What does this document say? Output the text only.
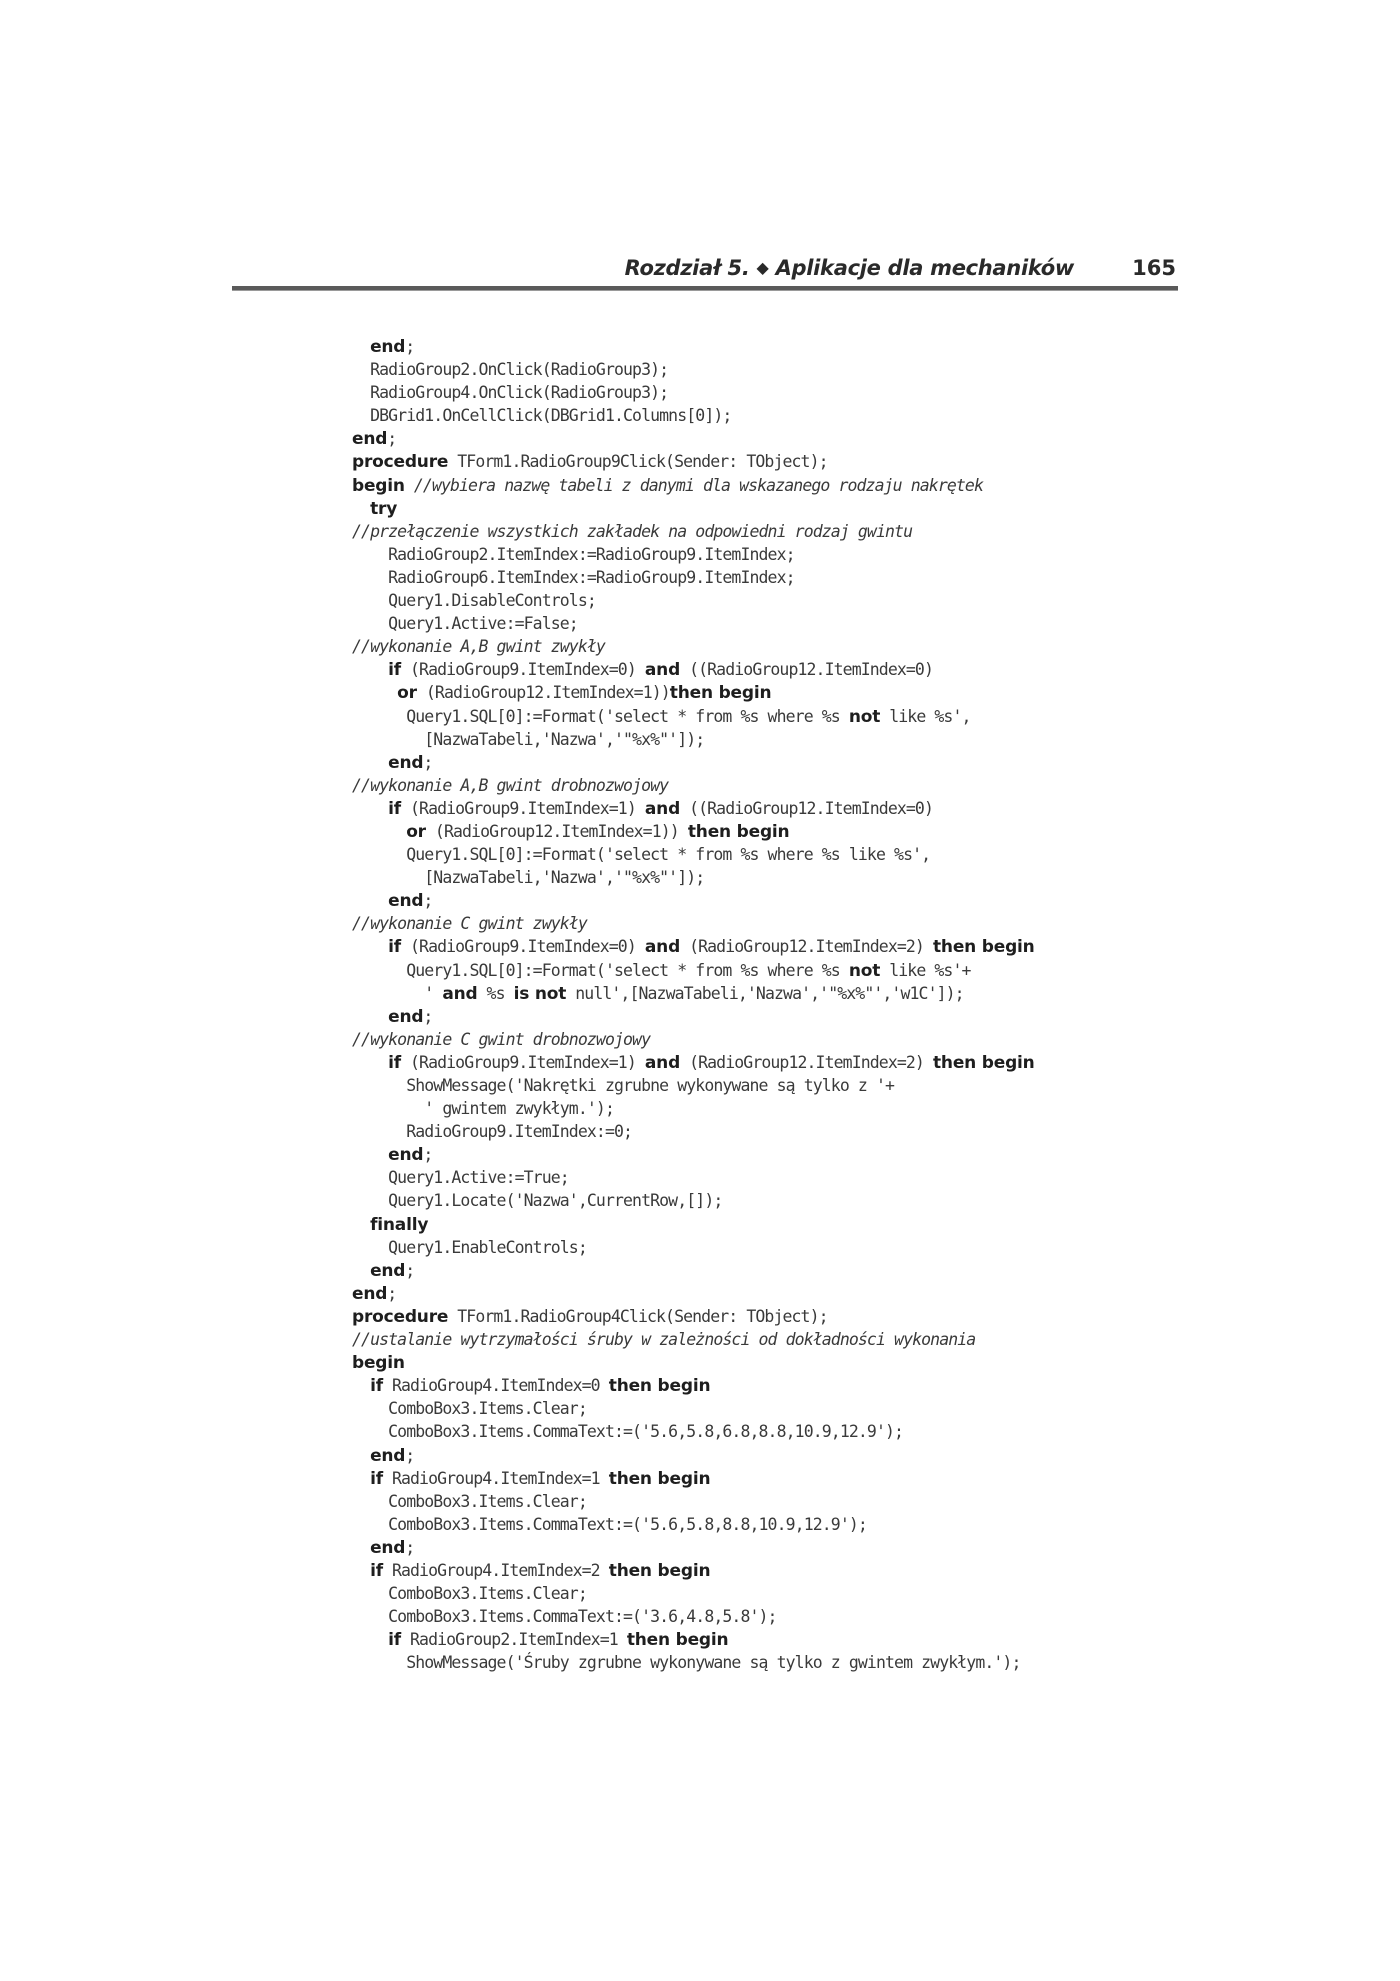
Rozdział 5. ◆ Aplikacje dla mechaników	165
end;
RadioGroup2.OnClick(RadioGroup3);
RadioGroup4.OnClick(RadioGroup3);
DBGrid1.OnCellClick(DBGrid1.Columns[0]);
end;
procedure TForm1.RadioGroup9Click(Sender: TObject);
begin //wybiera nazwę tabeli z danymi dla wskazanego rodzaju nakrętek
try
//przełączenie wszystkich zakładek na odpowiedni rodzaj gwintu
RadioGroup2.ItemIndex:=RadioGroup9.ItemIndex;
RadioGroup6.ItemIndex:=RadioGroup9.ItemIndex;
Query1.DisableControls;
Query1.Active:=False;
//wykonanie A,B gwint zwykły
if (RadioGroup9.ItemIndex=0) and ((RadioGroup12.ItemIndex=0)
or (RadioGroup12.ItemIndex=1))then begin
Query1.SQL[0]:=Format('select * from %s where %s not like %s',
[NazwaTabeli,'Nazwa','"%x%"']);
end;
//wykonanie A,B gwint drobnozwojowy
if (RadioGroup9.ItemIndex=1) and ((RadioGroup12.ItemIndex=0)
or (RadioGroup12.ItemIndex=1)) then begin
Query1.SQL[0]:=Format('select * from %s where %s like %s',
[NazwaTabeli,'Nazwa','"%x%"']);
end;
//wykonanie C gwint zwykły
if (RadioGroup9.ItemIndex=0) and (RadioGroup12.ItemIndex=2) then begin
Query1.SQL[0]:=Format('select * from %s where %s not like %s'+
' and %s is not null',[NazwaTabeli,'Nazwa','"%x%"','w1C']);
end;
//wykonanie C gwint drobnozwojowy
if (RadioGroup9.ItemIndex=1) and (RadioGroup12.ItemIndex=2) then begin
ShowMessage('Nakrętki zgrubne wykonywane są tylko z '+
' gwintem zwykłym.');
RadioGroup9.ItemIndex:=0;
end;
Query1.Active:=True;
Query1.Locate('Nazwa',CurrentRow,[]);
finally
Query1.EnableControls;
end;
end;
procedure TForm1.RadioGroup4Click(Sender: TObject);
//ustalanie wytrzymałości śruby w zależności od dokładności wykonania
begin
if RadioGroup4.ItemIndex=0 then begin
ComboBox3.Items.Clear;
ComboBox3.Items.CommaText:=('5.6,5.8,6.8,8.8,10.9,12.9');
end;
if RadioGroup4.ItemIndex=1 then begin
ComboBox3.Items.Clear;
ComboBox3.Items.CommaText:=('5.6,5.8,8.8,10.9,12.9');
end;
if RadioGroup4.ItemIndex=2 then begin
ComboBox3.Items.Clear;
ComboBox3.Items.CommaText:=('3.6,4.8,5.8');
if RadioGroup2.ItemIndex=1 then begin
ShowMessage('Śruby zgrubne wykonywane są tylko z gwintem zwykłym.');
